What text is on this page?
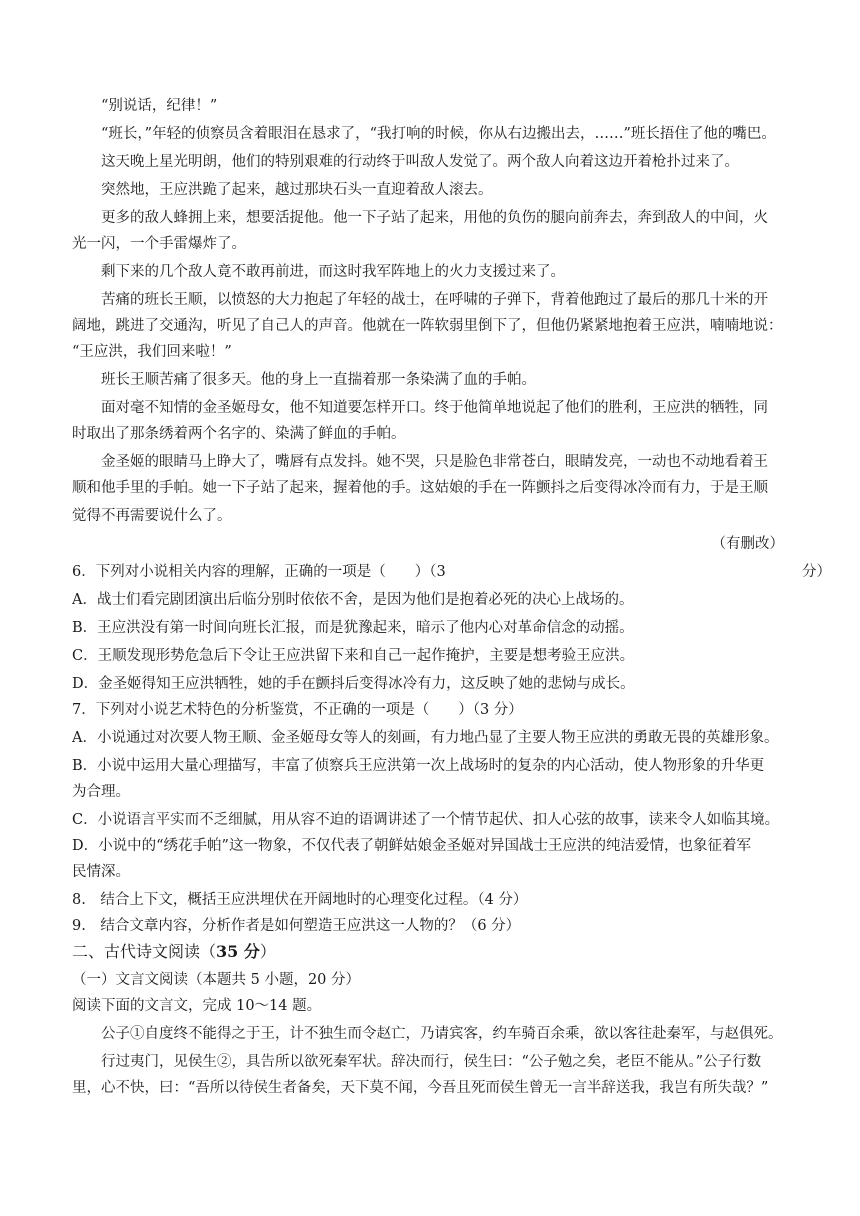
“别说话，纪律！”
“班长，”年轻的侦察员含着眼泪在恳求了，“我打响的时候，你从右边搬出去，……”班长捂住了他的嘴巴。
这天晚上星光明朗，他们的特别艰难的行动终于叫敌人发觉了。两个敌人向着这边开着枪扑过来了。
突然地，王应洪跪了起来，越过那块石头一直迎着敌人滚去。
更多的敌人蜂拥上来，想要活捉他。他一下子站了起来，用他的负伤的腿向前奔去，奔到敌人的中间，火
光一闪，一个手雷爆炸了。
剩下来的几个敌人竟不敢再前进，而这时我军阵地上的火力支援过来了。
苦痛的班长王顺，以愤怒的大力抱起了年轻的战士，在呼啸的子弹下，背着他跑过了最后的那几十米的开
阔地，跳进了交通沟，听见了自己人的声音。他就在一阵软弱里倒下了，但他仍紧紧地抱着王应洪，喃喃地说：
“王应洪，我们回来啦！”
班长王顺苦痛了很多天。他的身上一直揣着那一条染满了血的手帕。
面对毫不知情的金圣姬母女，他不知道要怎样开口。终于他简单地说起了他们的胜利，王应洪的牺牲，同
时取出了那条绣着两个名字的、染满了鲜血的手帕。
金圣姬的眼睛马上睁大了，嘴唇有点发抖。她不哭，只是脸色非常苍白，眼睛发亮，一动也不动地看着王
顺和他手里的手帕。她一下子站了起来，握着他的手。这姑娘的手在一阵颤抖之后变得冰冷而有力，于是王顺
觉得不再需要说什么了。
（有删改）
6．下列对小说相关内容的理解，正确的一项是（　　）（3	分）
A．战士们看完剧团演出后临分别时依依不舍，是因为他们是抱着必死的决心上战场的。
B．王应洪没有第一时间向班长汇报，而是犹豫起来，暗示了他内心对革命信念的动摇。
C．王顺发现形势危急后下令让王应洪留下来和自己一起作掩护，主要是想考验王应洪。
D．金圣姬得知王应洪牺牲，她的手在颤抖后变得冰冷有力，这反映了她的悲恸与成长。
7．下列对小说艺术特色的分析鉴赏，不正确的一项是（　　）（3 分）
A．小说通过对次要人物王顺、金圣姬母女等人的刻画，有力地凸显了主要人物王应洪的勇敢无畏的英雄形象。
B．小说中运用大量心理描写，丰富了侦察兵王应洪第一次上战场时的复杂的内心活动，使人物形象的升华更
为合理。
C．小说语言平实而不乏细腻，用从容不迫的语调讲述了一个情节起伏、扣人心弦的故事，读来令人如临其境。
D．小说中的“绣花手帕”这一物象，不仅代表了朝鲜姑娘金圣姬对异国战士王应洪的纯洁爱情，也象征着军
民情深。
8.　结合上下文，概括王应洪埋伏在开阔地时的心理变化过程。（4 分）
9.　结合文章内容，分析作者是如何塑造王应洪这一人物的？（6 分）
二、古代诗文阅读（35 分）
（一）文言文阅读（本题共 5 小题，20 分）
阅读下面的文言文，完成 10～14 题。
公子①自度终不能得之于王，计不独生而令赵亡，乃请宾客，约车骑百余乘，欲以客往赴秦军，与赵俱死。
行过夷门，见侯生②，具告所以欲死秦军状。辞决而行，侯生曰：“公子勉之矣，老臣不能从。”公子行数
里，心不快，曰：“吾所以待侯生者备矣，天下莫不闻，今吾且死而侯生曾无一言半辞送我，我岂有所失哉？”
